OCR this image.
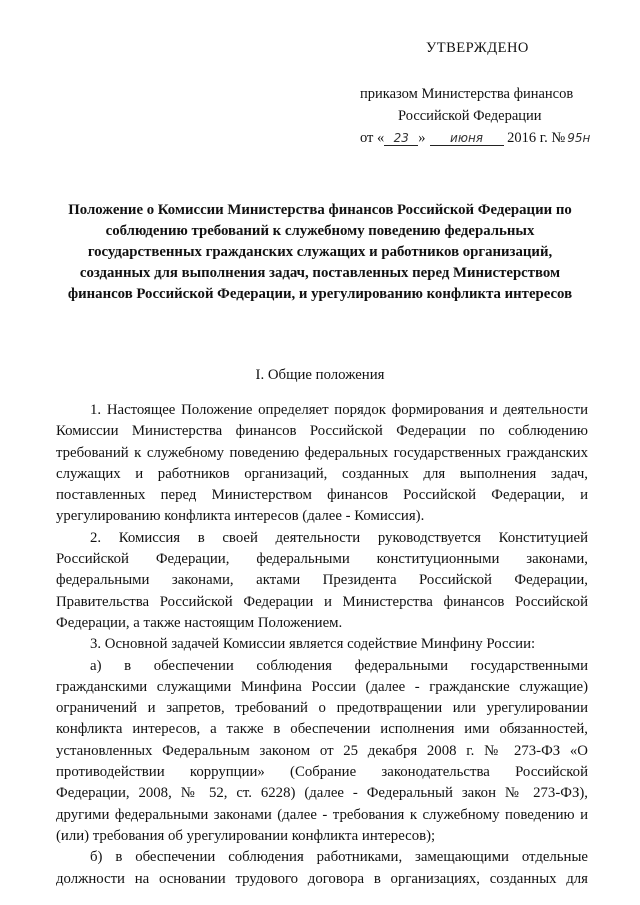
УТВЕРЖДЕНО
приказом Министерства финансов
Российской Федерации
от « 23 » июня 2016 г. № 95н
Положение о Комиссии Министерства финансов Российской Федерации по
соблюдению требований к служебному поведению федеральных
государственных гражданских служащих и работников организаций,
созданных для выполнения задач, поставленных перед Министерством
финансов Российской Федерации, и урегулированию конфликта интересов
I. Общие положения
1. Настоящее Положение определяет порядок формирования и деятельности
Комиссии Министерства финансов Российской Федерации по соблюдению
требований к служебному поведению федеральных государственных гражданских
служащих и работников организаций, созданных для выполнения задач,
поставленных перед Министерством финансов Российской Федерации, и
урегулированию конфликта интересов (далее - Комиссия).
2. Комиссия в своей деятельности руководствуется Конституцией
Российской Федерации, федеральными конституционными законами,
федеральными законами, актами Президента Российской Федерации,
Правительства Российской Федерации и Министерства финансов Российской
Федерации, а также настоящим Положением.
3. Основной задачей Комиссии является содействие Минфину России:
а) в обеспечении соблюдения федеральными государственными
гражданскими служащими Минфина России (далее - гражданские служащие)
ограничений и запретов, требований о предотвращении или урегулировании
конфликта интересов, а также в обеспечении исполнения ими обязанностей,
установленных Федеральным законом от 25 декабря 2008 г. № 273-ФЗ «О
противодействии коррупции» (Собрание законодательства Российской
Федерации, 2008, № 52, ст. 6228) (далее - Федеральный закон № 273-ФЗ),
другими федеральными законами (далее - требования к служебному поведению и
(или) требования об урегулировании конфликта интересов);
б) в обеспечении соблюдения работниками, замещающими отдельные
должности на основании трудового договора в организациях, созданных для
